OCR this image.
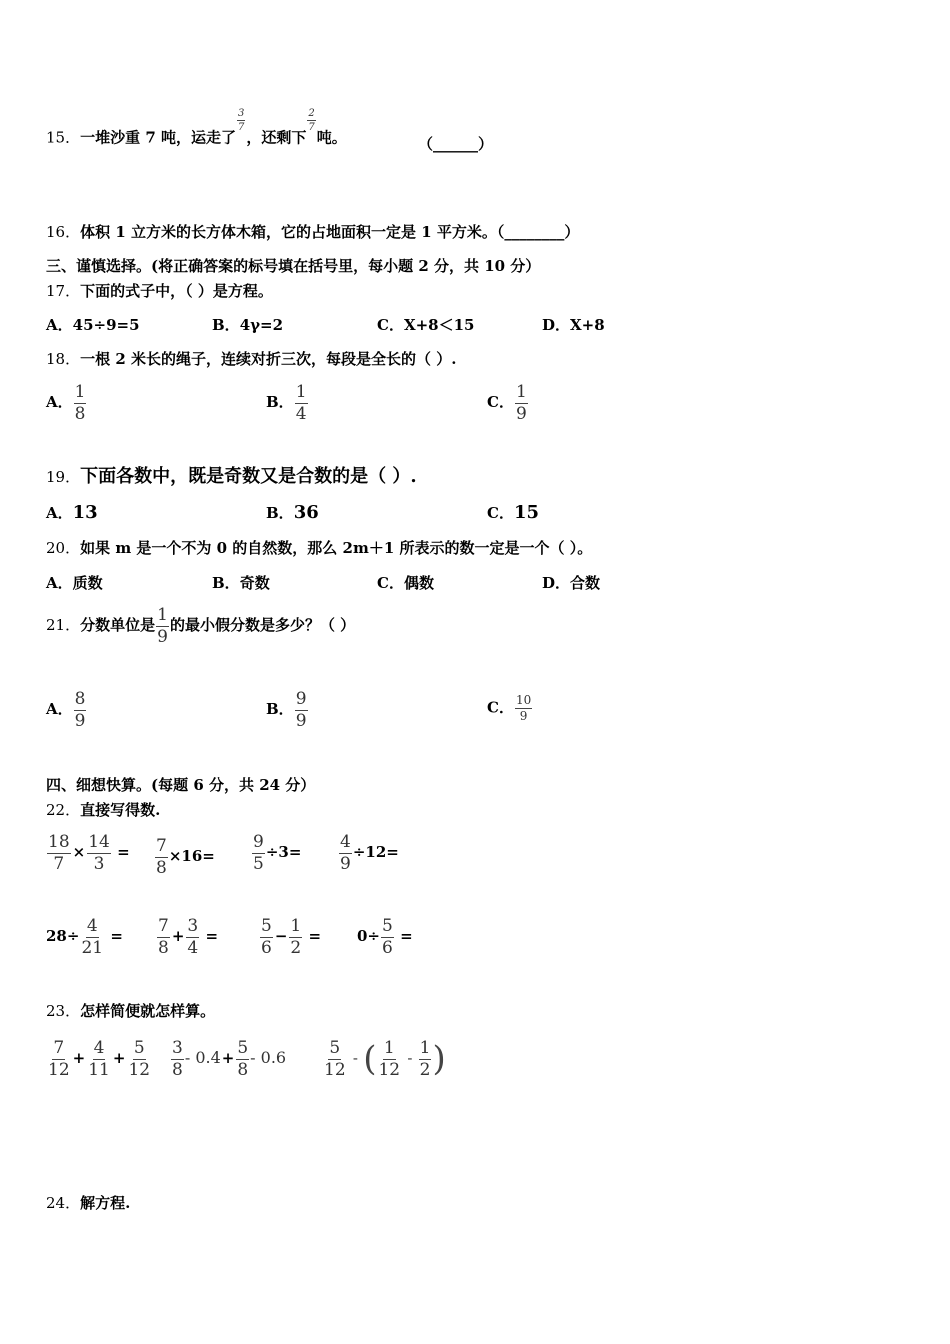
15．一堆沙重 7 吨，运走了
$\frac{3}{7}$
，还剩下
$\frac{2}{7}$
吨。	（______）
16．体积 1 立方米的长方体木箱，它的占地面积一定是 1 平方米。（________）
三、谨慎选择。(将正确答案的标号填在括号里，每小题 2 分，共 10 分）
17．下面的式子中，（ ）是方程。
A．45÷9=5	B．4γ=2	C．X+8＜15	D．X+8
18．一根 2 米长的绳子，连续对折三次，每段是全长的（ ）.
A． $\frac{1}{8}$	B． $\frac{1}{4}$	C． $\frac{1}{9}$
19．下面各数中，既是奇数又是合数的是（ ）.
A．13	B．36	C．15
20．如果 m 是一个不为 0 的自然数，那么 2m＋1 所表示的数一定是一个（ ）。
A．质数	B．奇数	C．偶数	D．合数
21．分数单位是 $\frac{1}{9}$ 的最小假分数是多少？（ ）
A． $\frac{8}{9}$	B． $\frac{9}{9}$	C． $\frac{10}{9}$
四、细想快算。(每题 6 分，共 24 分）
22．直接写得数.
$\frac{18}{7} \times \frac{14}{3} = \frac{7}{8} \times 16= \frac{9}{5} \div 3= \frac{4}{9} \div 12=$
$28\div \frac{4}{21} = \frac{7}{8} + \frac{3}{4} = \frac{5}{6} - \frac{1}{2} = 0\div \frac{5}{6}$ =
23．怎样简便就怎样算。
$\frac{7}{12} + \frac{4}{11} + \frac{5}{12} \frac{3}{8} - 0.4+ \frac{5}{8} - 0.6 \frac{5}{12}$ - ( $\frac{1}{12} - \frac{1}{2}$ )
24．解方程.
